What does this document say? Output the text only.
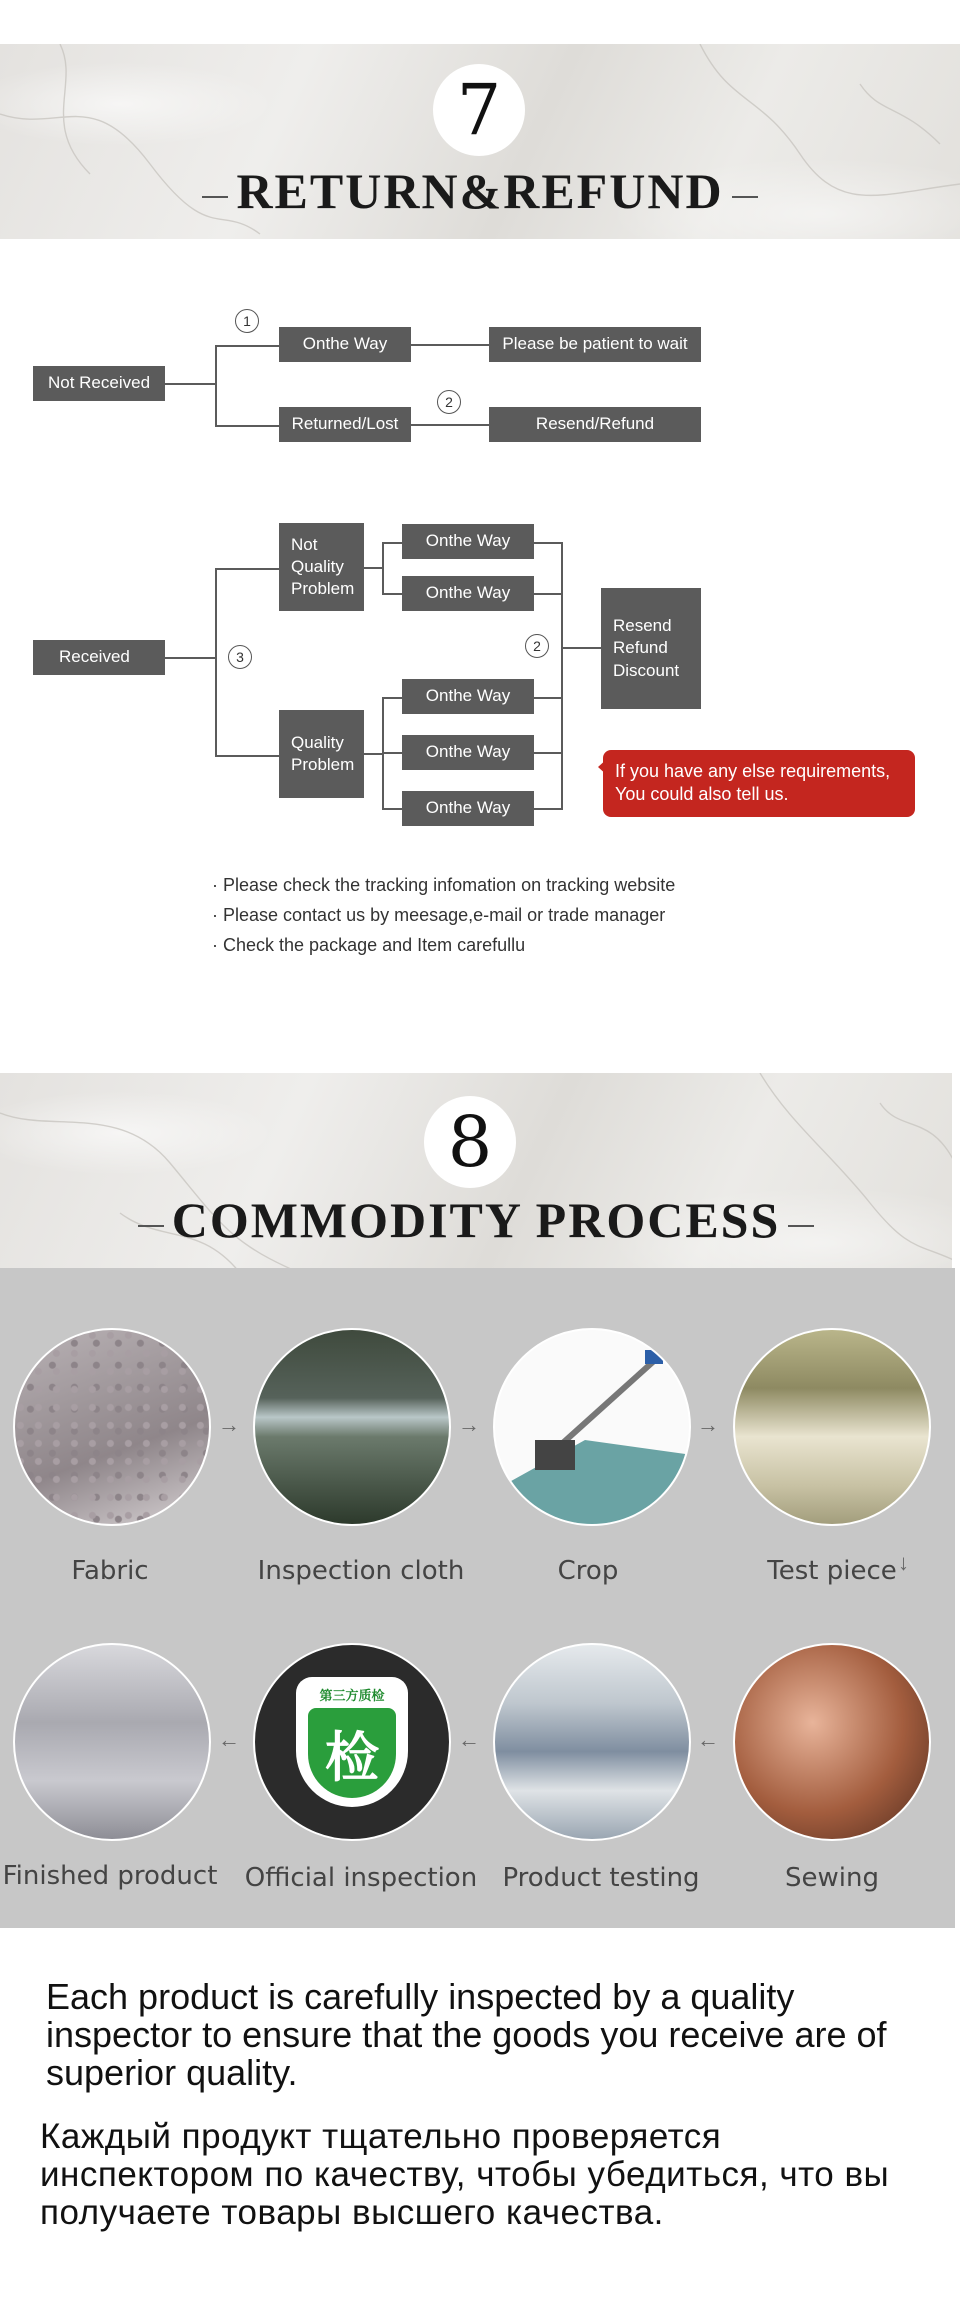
7
RETURN&REFUND
Not Received
1
Onthe Way	Please be patient to wait
Returned/Lost
2
Resend/Refund
Received	3
Not Quality Problem
Quality Problem
Onthe Way
Onthe Way
Onthe Way
Onthe Way
Onthe Way
2
Resend Refund Discount
If you have any else requirements, You could also tell us.
· Please check the tracking infomation on tracking website
· Please contact us by meesage,e-mail or trade manager
· Check the package and Item carefullu
8
COMMODITY PROCESS
→	→	→
Fabric	Inspection cloth	Crop	Test piece ↓
←
第三方质检
检	←	←
Finished product	Official inspection Product testing	Sewing
Each product is carefully inspected by a quality inspector to ensure that the goods you receive are of superior quality.
Каждый продукт тщательно проверяется инспектором по качеству, чтобы убедиться, что вы получаете товары высшего качества.
